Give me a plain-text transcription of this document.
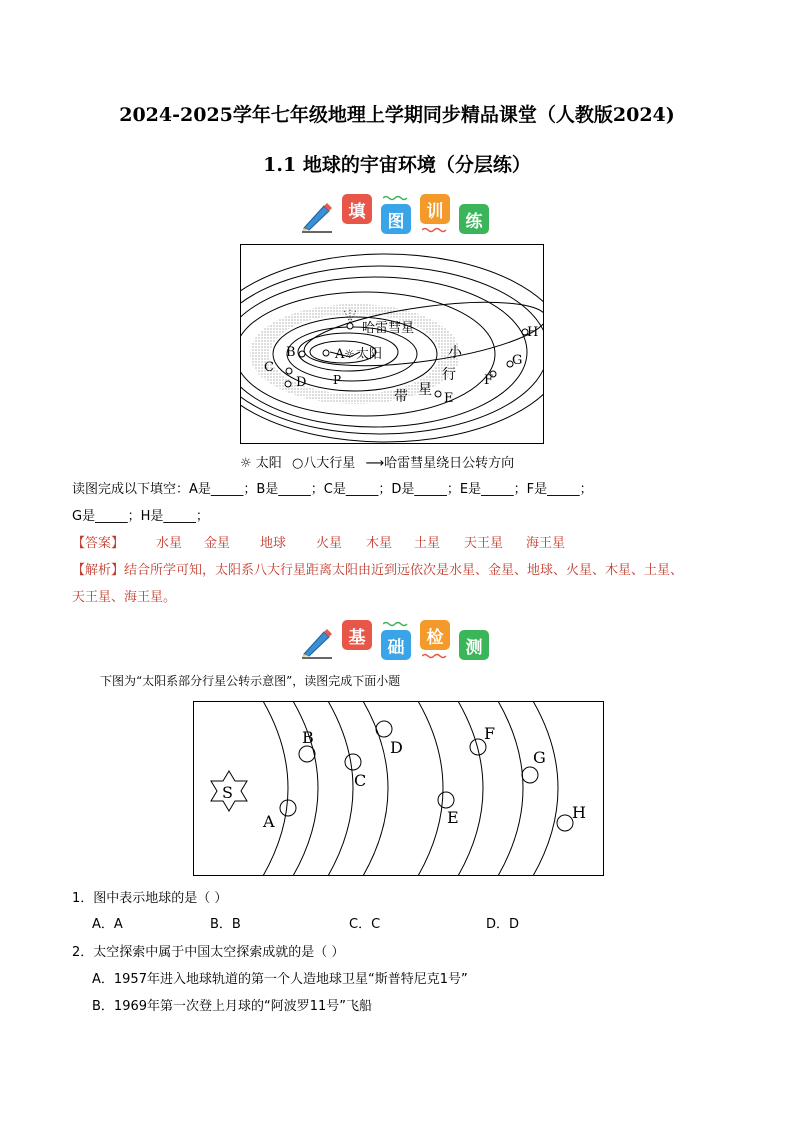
2024-2025学年七年级地理上学期同步精品课堂（人教版2024)
1.1 地球的宇宙环境（分层练）
填	图 训	练
哈雷彗星
A ☼ 太阳
B
C
D P
E
F
G
H
小
行
带 星
☼ 太阳 ○八大行星 ⟶哈雷彗星绕日公转方向
读图完成以下填空：A是_____；B是_____；C是_____；D是_____；E是_____；F是_____；
G是_____；H是_____；
【答案】 水星 金星 地球 火星 木星 土星 天王星 海王星
【解析】结合所学可知，太阳系八大行星距离太阳由近到远依次是水星、金星、地球、火星、木星、土星、
天王星、海王星。
基	础 检	测
下图为“太阳系部分行星公转示意图”，读图完成下面小题
S
A
B
C
D
E
F
G
H
1．图中表示地球的是（ ）
A．A	B．B	C．C	D．D
2．太空探索中属于中国太空探索成就的是（ ）
A．1957年进入地球轨道的第一个人造地球卫星“斯普特尼克1号”
B．1969年第一次登上月球的“阿波罗11号”飞船
